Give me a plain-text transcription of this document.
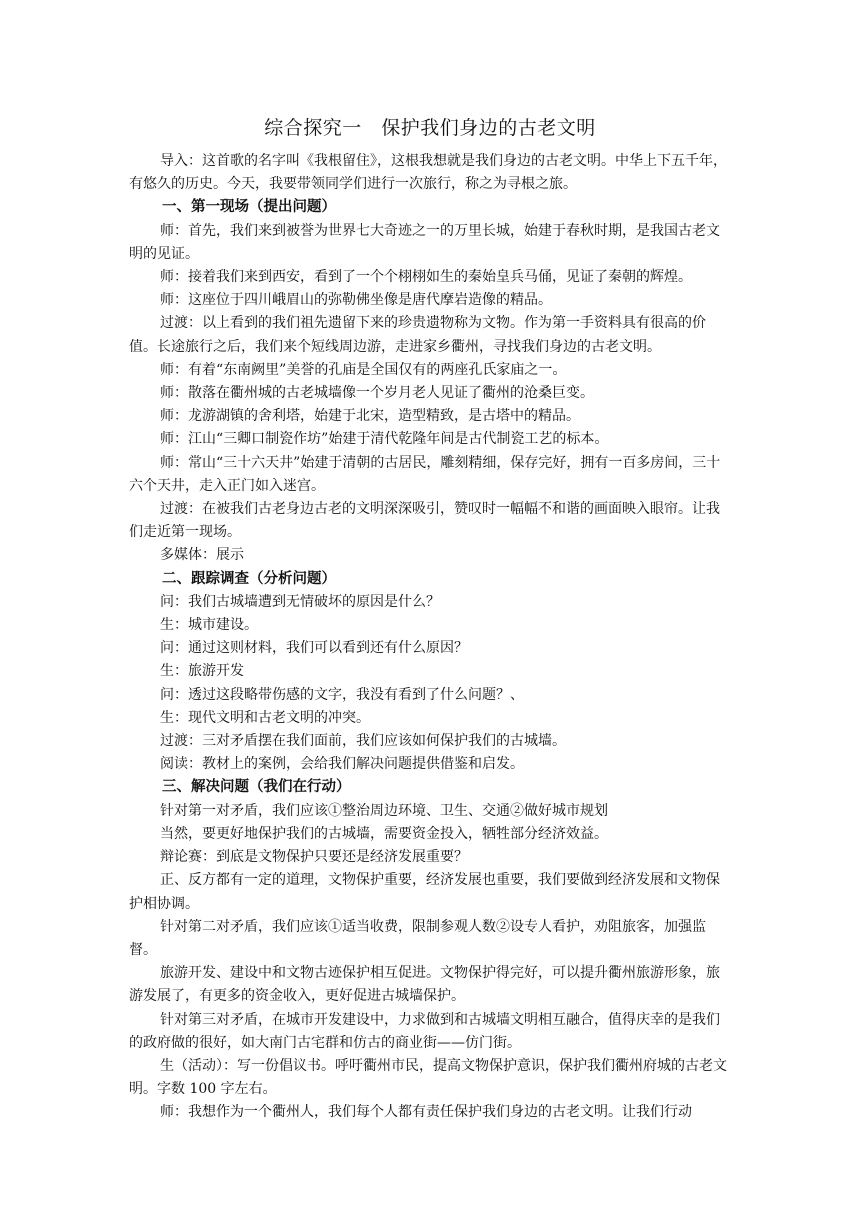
综合探究一　保护我们身边的古老文明

导入：这首歌的名字叫《我根留住》，这根我想就是我们身边的古老文明。中华上下五千年，有悠久的历史。今天，我要带领同学们进行一次旅行，称之为寻根之旅。

一、第一现场（提出问题）

师：首先，我们来到被誉为世界七大奇迹之一的万里长城，始建于春秋时期，是我国古老文明的见证。

师：接着我们来到西安，看到了一个个栩栩如生的秦始皇兵马俑，见证了秦朝的辉煌。

师：这座位于四川峨眉山的弥勒佛坐像是唐代摩岩造像的精品。

过渡：以上看到的我们祖先遗留下来的珍贵遗物称为文物。作为第一手资料具有很高的价值。长途旅行之后，我们来个短线周边游，走进家乡衢州，寻找我们身边的古老文明。

师：有着“东南阙里”美誉的孔庙是全国仅有的两座孔氏家庙之一。

师：散落在衢州城的古老城墙像一个岁月老人见证了衢州的沧桑巨变。

师：龙游湖镇的舍利塔，始建于北宋，造型精致，是古塔中的精品。

师：江山“三卿口制瓷作坊”始建于清代乾隆年间是古代制瓷工艺的标本。

师：常山“三十六天井”始建于清朝的古居民，雕刻精细，保存完好，拥有一百多房间，三十六个天井，走入正门如入迷宫。

过渡：在被我们古老身边古老的文明深深吸引，赞叹时一幅幅不和谐的画面映入眼帘。让我们走近第一现场。

多媒体：展示

二、跟踪调查（分析问题）

问：我们古城墙遭到无情破坏的原因是什么？

生：城市建设。

问：通过这则材料，我们可以看到还有什么原因？

生：旅游开发

问：透过这段略带伤感的文字，我没有看到了什么问题？、

生：现代文明和古老文明的冲突。

过渡：三对矛盾摆在我们面前，我们应该如何保护我们的古城墙。

阅读：教材上的案例，会给我们解决问题提供借鉴和启发。

三、解决问题（我们在行动）

针对第一对矛盾，我们应该①整治周边环境、卫生、交通②做好城市规划

当然，要更好地保护我们的古城墙，需要资金投入，牺牲部分经济效益。

辩论赛：到底是文物保护只要还是经济发展重要？

正、反方都有一定的道理，文物保护重要，经济发展也重要，我们要做到经济发展和文物保护相协调。

针对第二对矛盾，我们应该①适当收费，限制参观人数②设专人看护，劝阻旅客，加强监督。

旅游开发、建设中和文物古迹保护相互促进。文物保护得完好，可以提升衢州旅游形象，旅游发展了，有更多的资金收入，更好促进古城墙保护。

针对第三对矛盾，在城市开发建设中，力求做到和古城墙文明相互融合，值得庆幸的是我们的政府做的很好，如大南门古宅群和仿古的商业街——仿门街。

生（活动）：写一份倡议书。呼吁衢州市民，提高文物保护意识，保护我们衢州府城的古老文明。字数 100 字左右。

师：我想作为一个衢州人，我们每个人都有责任保护我们身边的古老文明。让我们行动
